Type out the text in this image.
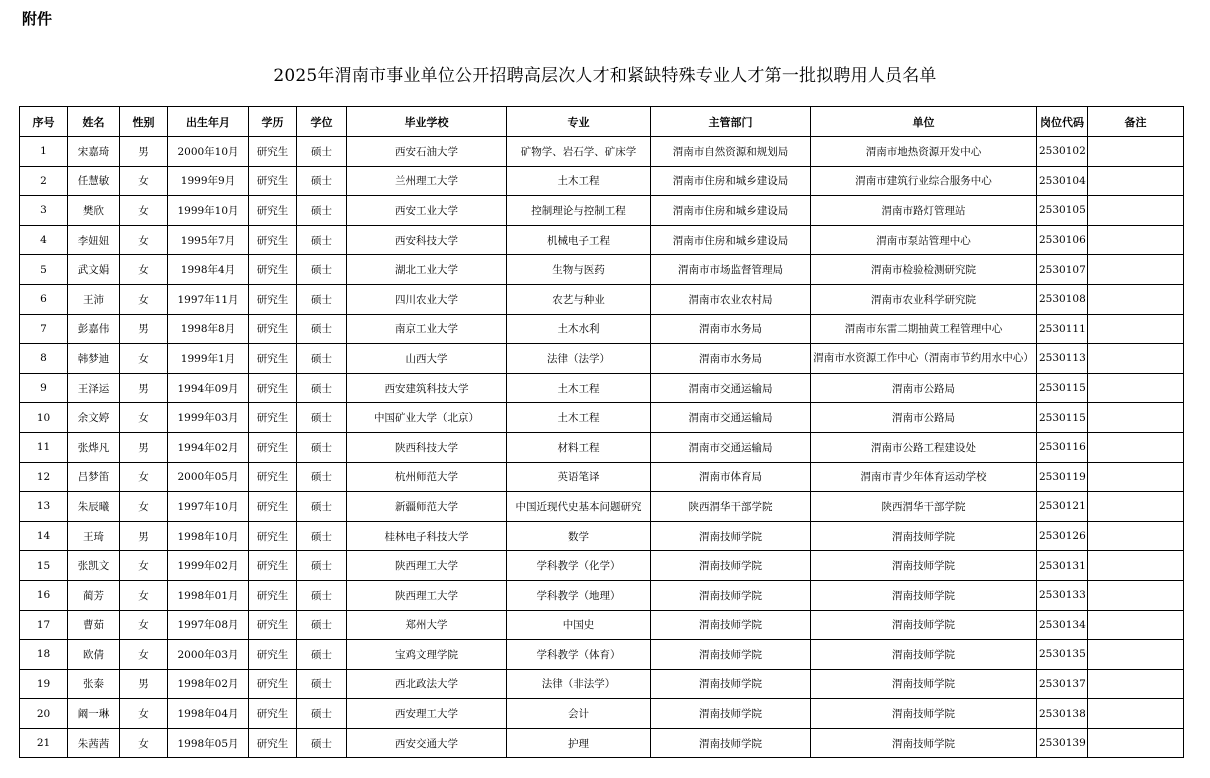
附件
2025年渭南市事业单位公开招聘高层次人才和紧缺特殊专业人才第一批拟聘用人员名单
序号	姓名	性别	出生年月	学历	学位	毕业学校	专业	主管部门	单位	岗位代码	备注
1	宋嘉琦	男	2000年10月	研究生	硕士	西安石油大学	矿物学、岩石学、矿床学	渭南市自然资源和规划局	渭南市地热资源开发中心	2530102	
2	任慧敏	女	1999年9月	研究生	硕士	兰州理工大学	土木工程	渭南市住房和城乡建设局	渭南市建筑行业综合服务中心	2530104	
3	樊欣	女	1999年10月	研究生	硕士	西安工业大学	控制理论与控制工程	渭南市住房和城乡建设局	渭南市路灯管理站	2530105	
4	李妞妞	女	1995年7月	研究生	硕士	西安科技大学	机械电子工程	渭南市住房和城乡建设局	渭南市泵站管理中心	2530106	
5	武文娟	女	1998年4月	研究生	硕士	湖北工业大学	生物与医药	渭南市市场监督管理局	渭南市检验检测研究院	2530107	
6	王沛	女	1997年11月	研究生	硕士	四川农业大学	农艺与种业	渭南市农业农村局	渭南市农业科学研究院	2530108	
7	彭嘉伟	男	1998年8月	研究生	硕士	南京工业大学	土木水利	渭南市水务局	渭南市东雷二期抽黄工程管理中心	2530111	
8	韩梦迪	女	1999年1月	研究生	硕士	山西大学	法律（法学）	渭南市水务局	渭南市水资源工作中心（渭南市节约用水中心）	2530113	
9	王泽运	男	1994年09月	研究生	硕士	西安建筑科技大学	土木工程	渭南市交通运输局	渭南市公路局	2530115	
10	余文婷	女	1999年03月	研究生	硕士	中国矿业大学（北京）	土木工程	渭南市交通运输局	渭南市公路局	2530115	
11	张烨凡	男	1994年02月	研究生	硕士	陕西科技大学	材料工程	渭南市交通运输局	渭南市公路工程建设处	2530116	
12	吕梦笛	女	2000年05月	研究生	硕士	杭州师范大学	英语笔译	渭南市体育局	渭南市青少年体育运动学校	2530119	
13	朱辰曦	女	1997年10月	研究生	硕士	新疆师范大学	中国近现代史基本问题研究	陕西渭华干部学院	陕西渭华干部学院	2530121	
14	王琦	男	1998年10月	研究生	硕士	桂林电子科技大学	数学	渭南技师学院	渭南技师学院	2530126	
15	张凯文	女	1999年02月	研究生	硕士	陕西理工大学	学科教学（化学）	渭南技师学院	渭南技师学院	2530131	
16	蔺芳	女	1998年01月	研究生	硕士	陕西理工大学	学科教学（地理）	渭南技师学院	渭南技师学院	2530133	
17	曹茹	女	1997年08月	研究生	硕士	郑州大学	中国史	渭南技师学院	渭南技师学院	2530134	
18	欧倩	女	2000年03月	研究生	硕士	宝鸡文理学院	学科教学（体育）	渭南技师学院	渭南技师学院	2530135	
19	张泰	男	1998年02月	研究生	硕士	西北政法大学	法律（非法学）	渭南技师学院	渭南技师学院	2530137	
20	阚一琳	女	1998年04月	研究生	硕士	西安理工大学	会计	渭南技师学院	渭南技师学院	2530138	
21	朱茜茜	女	1998年05月	研究生	硕士	西安交通大学	护理	渭南技师学院	渭南技师学院	2530139	
